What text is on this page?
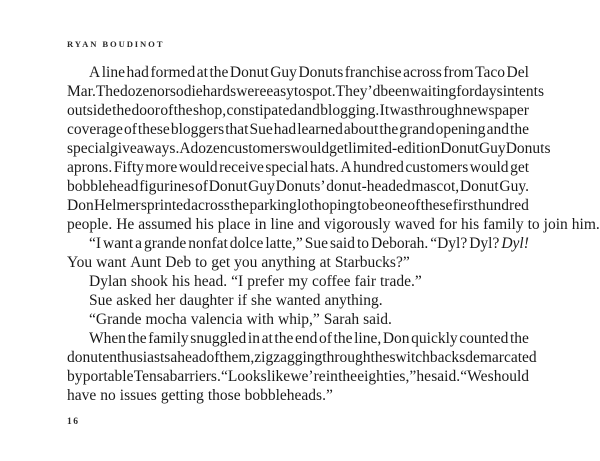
RYAN BOUDINOT
A line had formed at the Donut Guy Donuts franchise across from Taco Del
Mar. The dozen or so diehards were easy to spot. They’d been waiting for days in tents
outside the door of the shop, constipated and blogging. It was through newspaper
coverage of these bloggers that Sue had learned about the grand opening and the
special giveaways. A dozen customers would get limited-edition Donut Guy Donuts
aprons. Fifty more would receive special hats. A hundred customers would get
bobblehead figurines of Donut Guy Donuts’ donut-headed mascot, Donut Guy.
Don Helmer sprinted across the parking lot hoping to be one of these first hundred
people. He assumed his place in line and vigorously waved for his family to join him.
“I want a grande nonfat dolce latte,” Sue said to Deborah. “Dyl? Dyl? Dyl!
You want Aunt Deb to get you anything at Starbucks?”
Dylan shook his head. “I prefer my coffee fair trade.”
Sue asked her daughter if she wanted anything.
“Grande mocha valencia with whip,” Sarah said.
When the family snuggled in at the end of the line, Don quickly counted the
donut enthusiasts ahead of them, zigzagging through the switchbacks demarcated
by portable Tensabarriers. “Looks like we’re in the eighties,” he said. “We should
have no issues getting those bobbleheads.”
16
